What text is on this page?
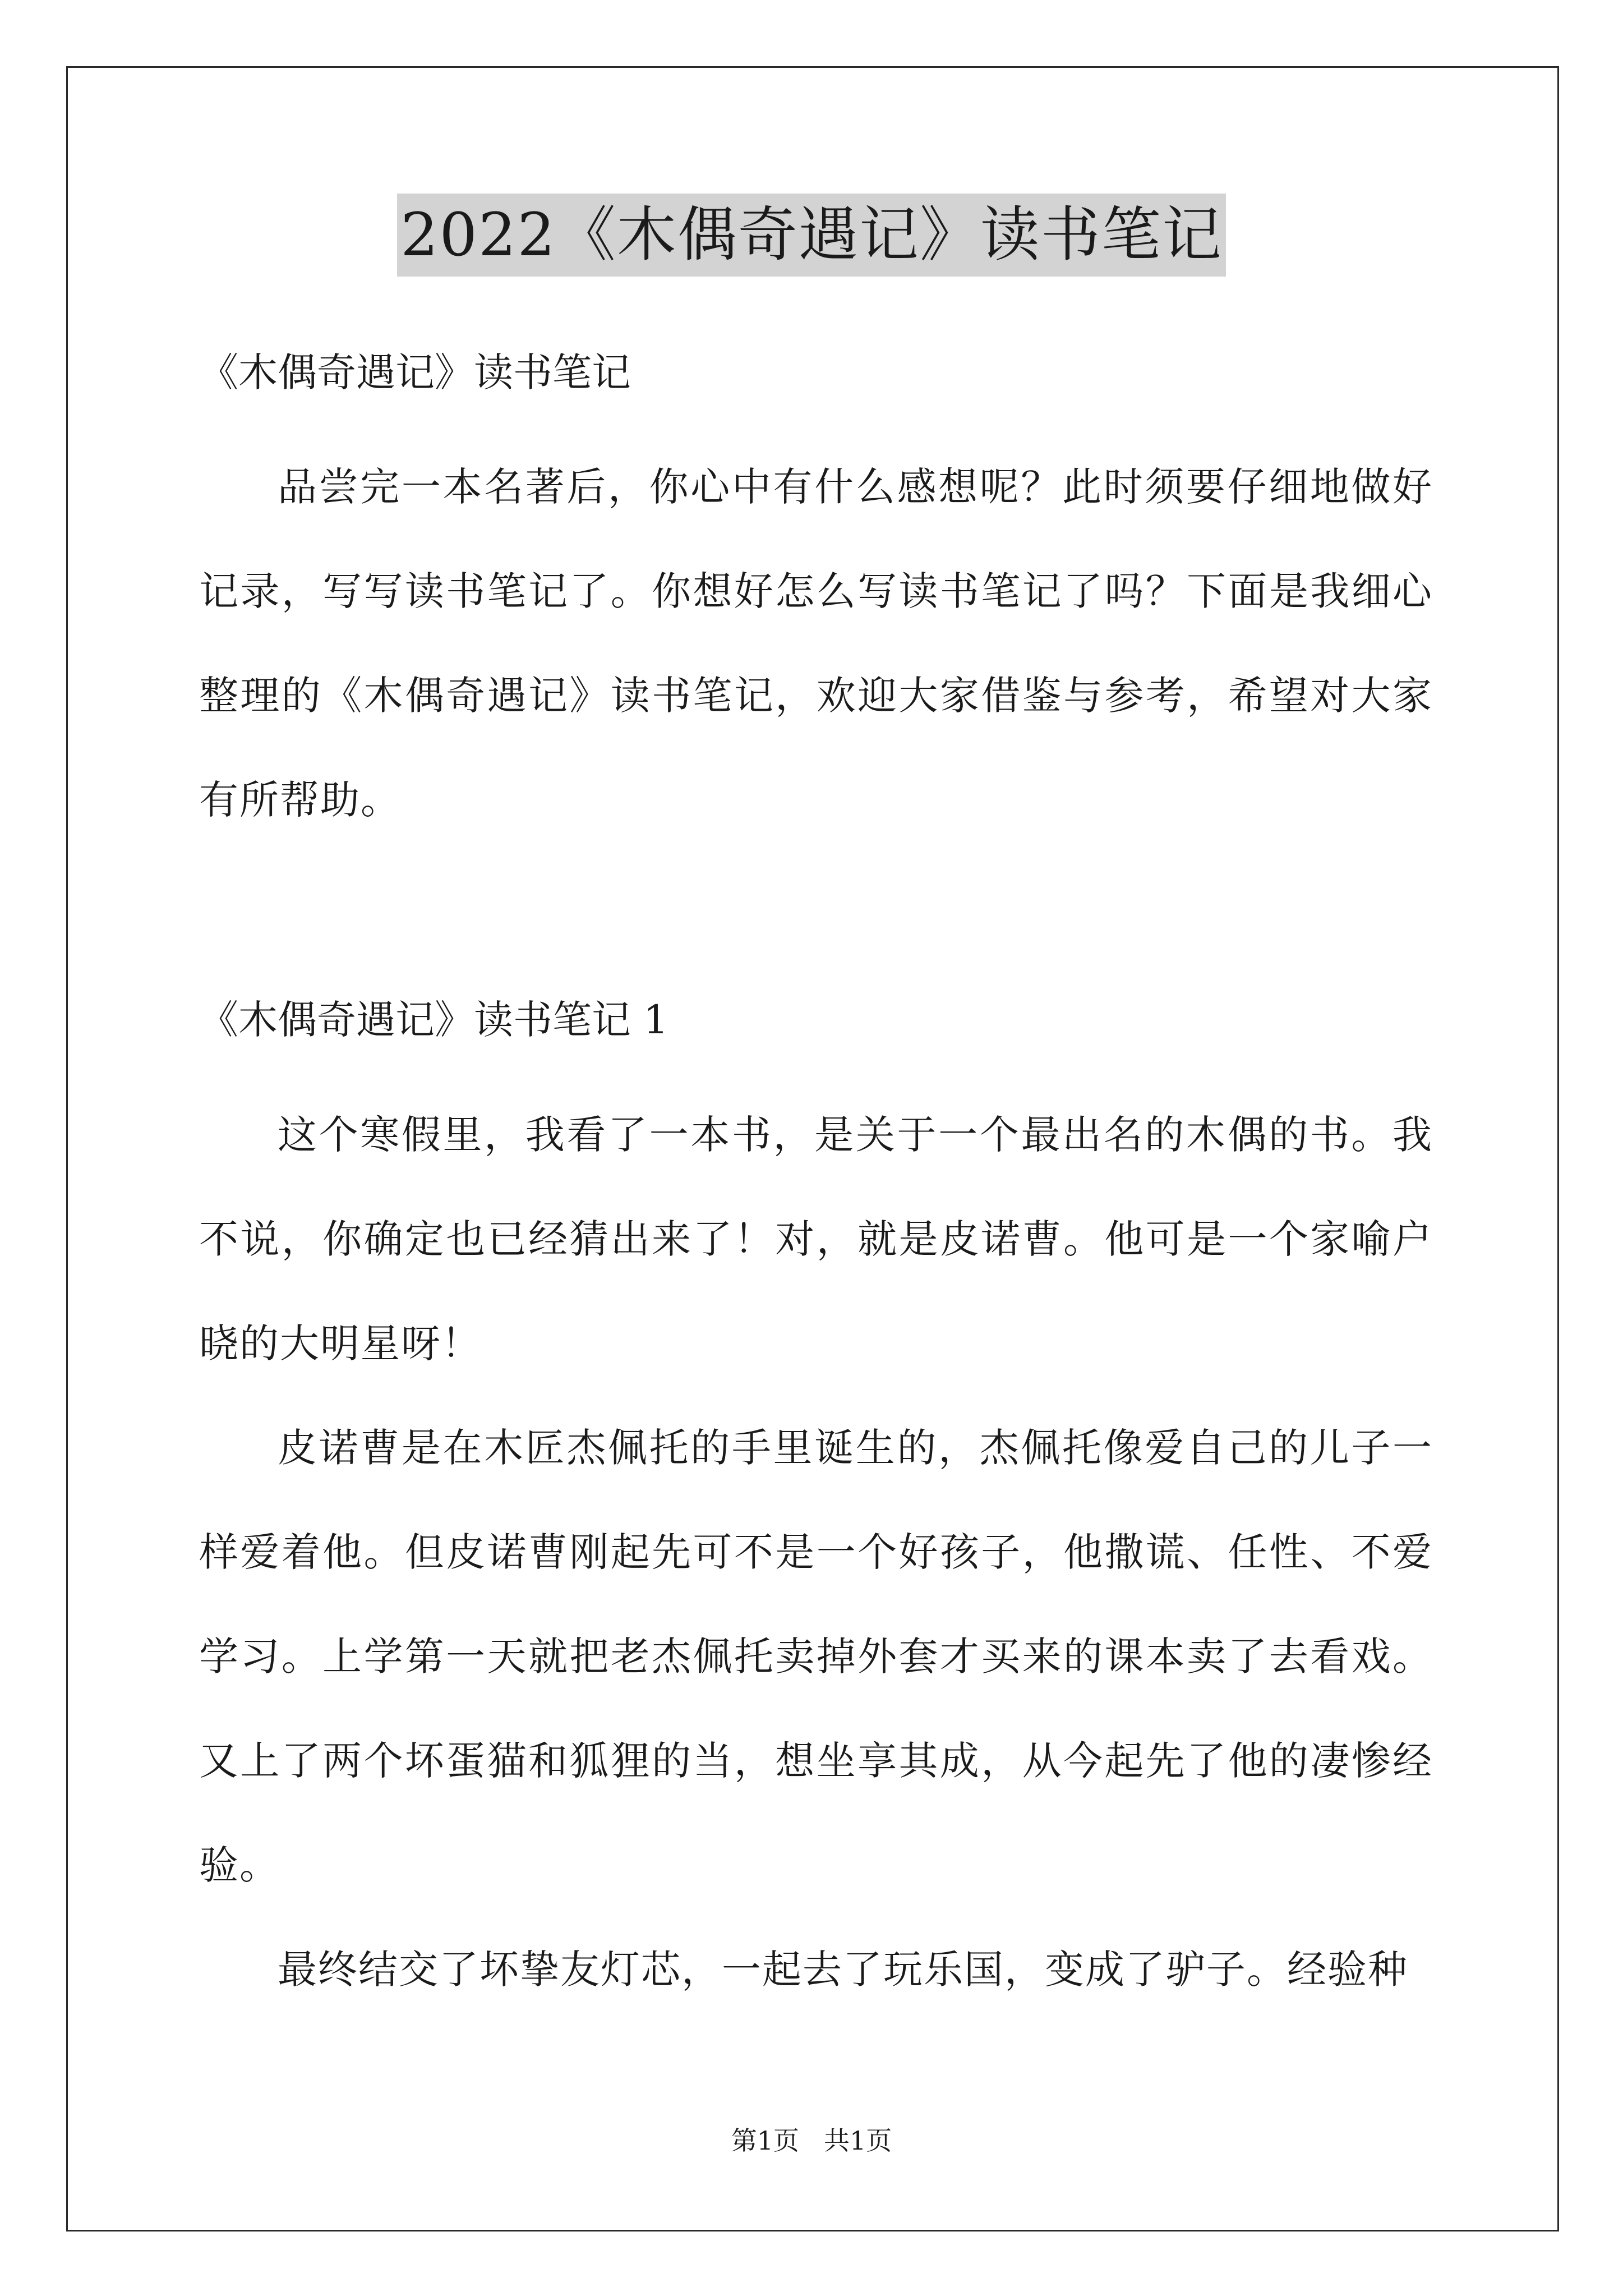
2022《木偶奇遇记》读书笔记
《木偶奇遇记》读书笔记

品尝完一本名著后，你心中有什么感想呢？此时须要仔细地做好记录，写写读书笔记了。你想好怎么写读书笔记了吗？下面是我细心整理的《木偶奇遇记》读书笔记，欢迎大家借鉴与参考，希望对大家有所帮助。

《木偶奇遇记》读书笔记 1

这个寒假里，我看了一本书，是关于一个最出名的木偶的书。我不说，你确定也已经猜出来了！对，就是皮诺曹。他可是一个家喻户晓的大明星呀！

皮诺曹是在木匠杰佩托的手里诞生的，杰佩托像爱自己的儿子一样爱着他。但皮诺曹刚起先可不是一个好孩子，他撒谎、任性、不爱学习。上学第一天就把老杰佩托卖掉外套才买来的课本卖了去看戏。又上了两个坏蛋猫和狐狸的当，想坐享其成，从今起先了他的凄惨经验。

最终结交了坏挚友灯芯，一起去了玩乐国，变成了驴子。经验种

第1页 共1页
